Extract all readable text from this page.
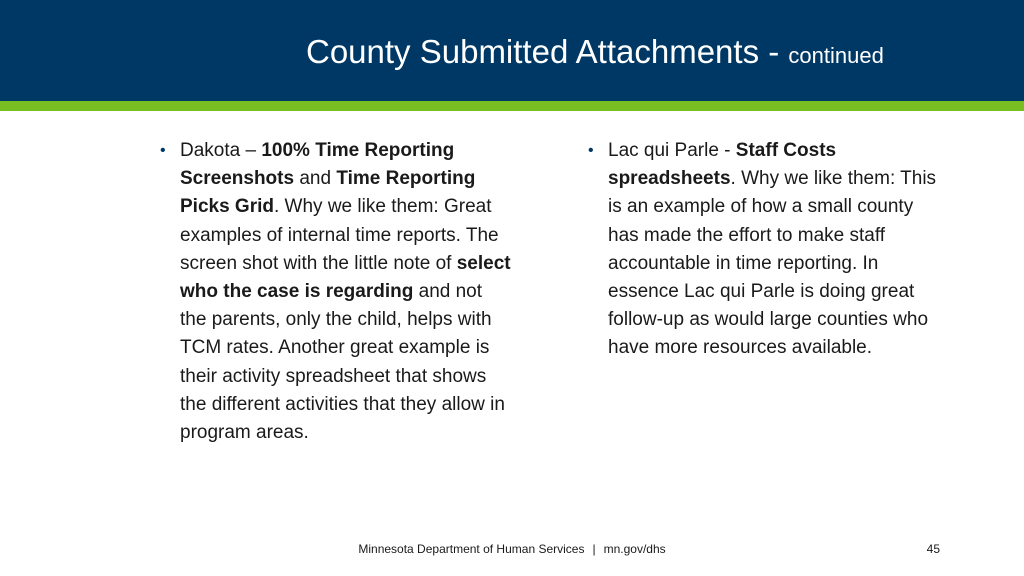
County Submitted Attachments - continued
• Dakota – 100% Time Reporting Screenshots and Time Reporting Picks Grid. Why we like them: Great examples of internal time reports. The screen shot with the little note of select who the case is regarding and not the parents, only the child, helps with TCM rates. Another great example is their activity spreadsheet that shows the different activities that they allow in program areas.
• Lac qui Parle - Staff Costs spreadsheets. Why we like them: This is an example of how a small county has made the effort to make staff accountable in time reporting. In essence Lac qui Parle is doing great follow-up as would large counties who have more resources available.
Minnesota Department of Human Services | mn.gov/dhs	45
